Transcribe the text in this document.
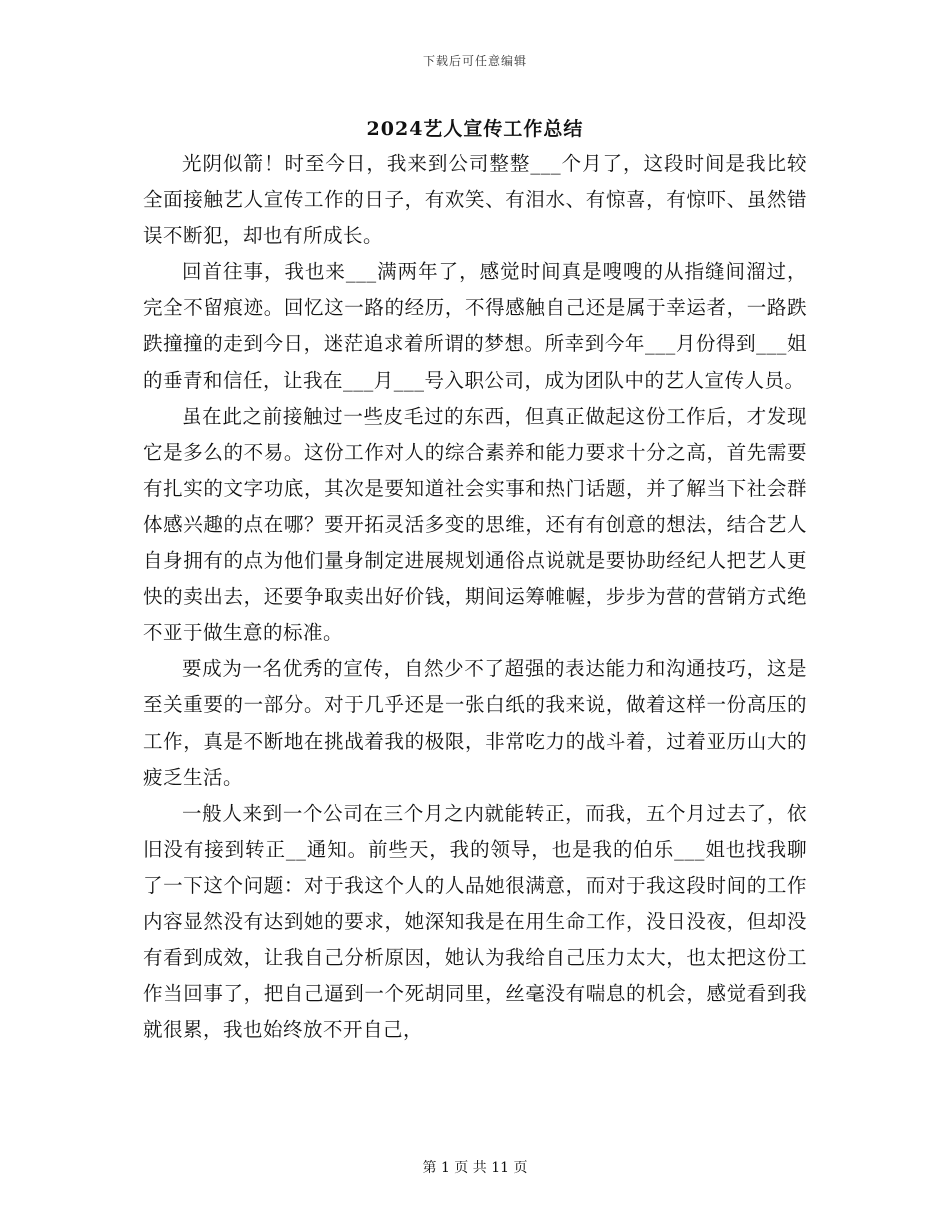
下载后可任意编辑
2024艺人宣传工作总结

光阴似箭！时至今日，我来到公司整整___个月了，这段时间是我比较全面接触艺人宣传工作的日子，有欢笑、有泪水、有惊喜，有惊吓、虽然错误不断犯，却也有所成长。

回首往事，我也来___满两年了，感觉时间真是嗖嗖的从指缝间溜过，完全不留痕迹。回忆这一路的经历，不得感触自己还是属于幸运者，一路跌跌撞撞的走到今日，迷茫追求着所谓的梦想。所幸到今年___月份得到___姐的垂青和信任，让我在___月___号入职公司，成为团队中的艺人宣传人员。

虽在此之前接触过一些皮毛过的东西，但真正做起这份工作后，才发现它是多么的不易。这份工作对人的综合素养和能力要求十分之高，首先需要有扎实的文字功底，其次是要知道社会实事和热门话题，并了解当下社会群体感兴趣的点在哪？要开拓灵活多变的思维，还有有创意的想法，结合艺人自身拥有的点为他们量身制定进展规划通俗点说就是要协助经纪人把艺人更快的卖出去，还要争取卖出好价钱，期间运筹帷幄，步步为营的营销方式绝不亚于做生意的标准。

要成为一名优秀的宣传，自然少不了超强的表达能力和沟通技巧，这是至关重要的一部分。对于几乎还是一张白纸的我来说，做着这样一份高压的工作，真是不断地在挑战着我的极限，非常吃力的战斗着，过着亚历山大的疲乏生活。

一般人来到一个公司在三个月之内就能转正，而我，五个月过去了，依旧没有接到转正__通知。前些天，我的领导，也是我的伯乐___姐也找我聊了一下这个问题：对于我这个人的人品她很满意，而对于我这段时间的工作内容显然没有达到她的要求，她深知我是在用生命工作，没日没夜，但却没有看到成效，让我自己分析原因，她认为我给自己压力太大，也太把这份工作当回事了，把自己逼到一个死胡同里，丝毫没有喘息的机会，感觉看到我就很累，我也始终放不开自己，

第 1 页 共 11 页
